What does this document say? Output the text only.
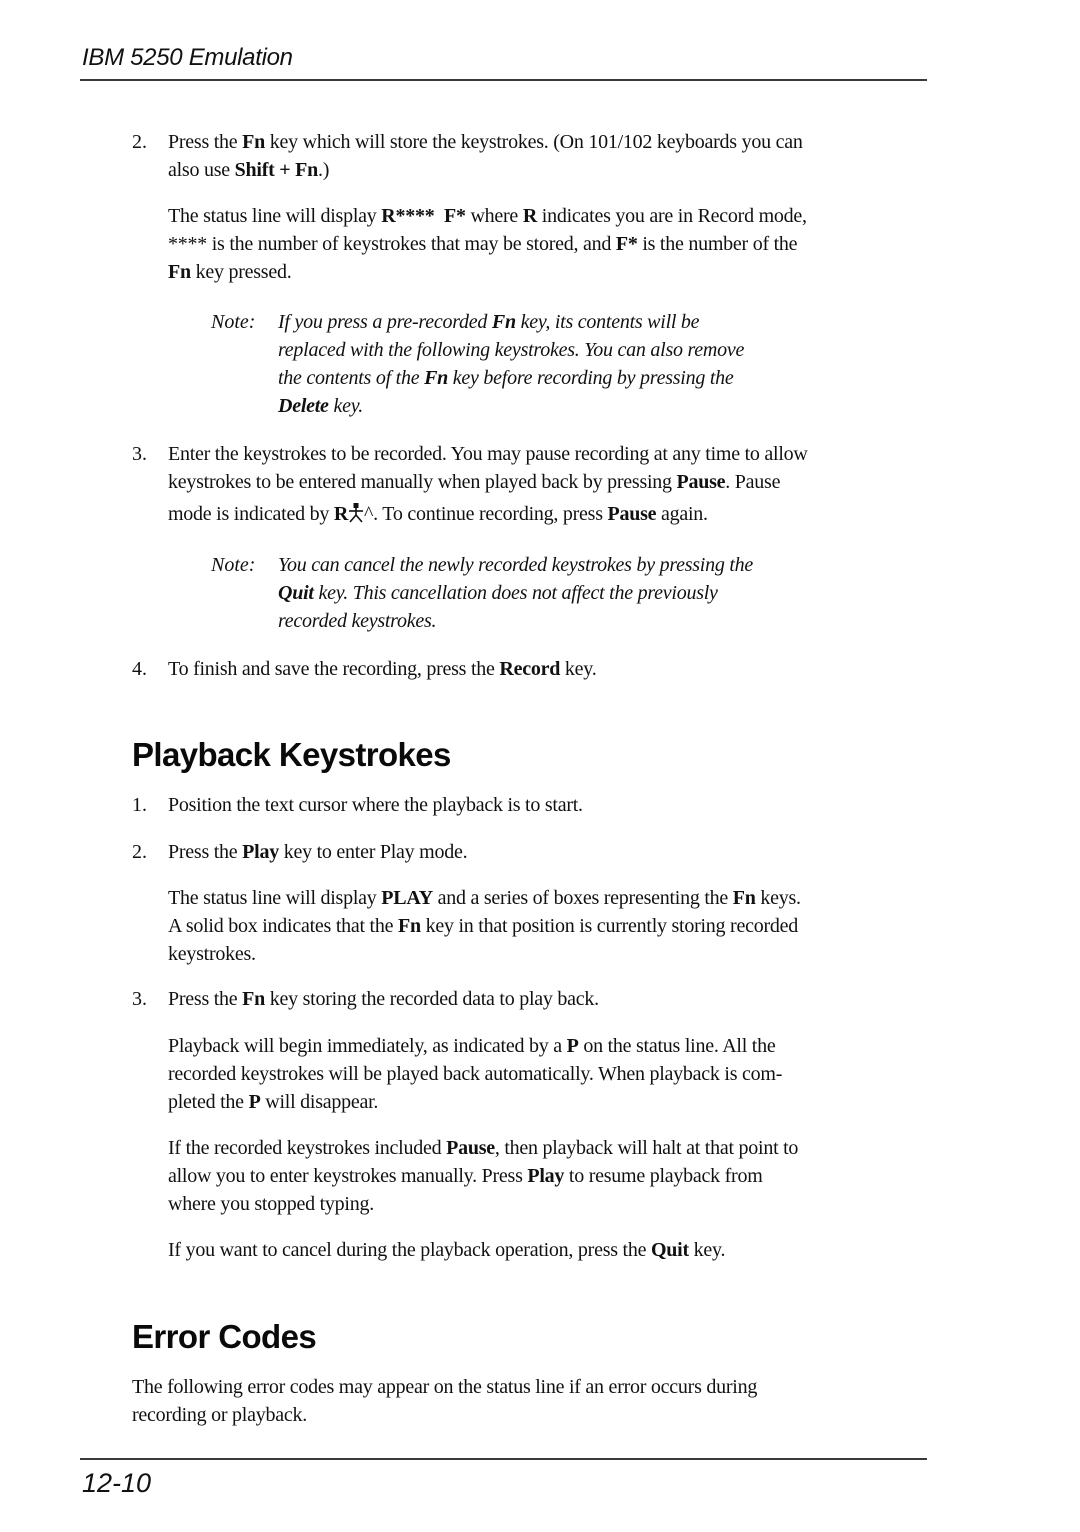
IBM 5250 Emulation
2. Press the Fn key which will store the keystrokes. (On 101/102 keyboards you can
also use Shift + Fn.)
The status line will display R****  F* where R indicates you are in Record mode,
**** is the number of keystrokes that may be stored, and F* is the number of the
Fn key pressed.
Note: If you press a pre-recorded Fn key, its contents will be
replaced with the following keystrokes. You can also remove
the contents of the Fn key before recording by pressing the
Delete key.
3. Enter the keystrokes to be recorded. You may pause recording at any time to allow
keystrokes to be entered manually when played back by pressing Pause. Pause
mode is indicated by R ^. To continue recording, press Pause again.
Note: You can cancel the newly recorded keystrokes by pressing the
Quit key. This cancellation does not affect the previously
recorded keystrokes.
4. To finish and save the recording, press the Record key.
Playback Keystrokes
1. Position the text cursor where the playback is to start.
2. Press the Play key to enter Play mode.
The status line will display PLAY and a series of boxes representing the Fn keys.
A solid box indicates that the Fn key in that position is currently storing recorded
keystrokes.
3. Press the Fn key storing the recorded data to play back.
Playback will begin immediately, as indicated by a P on the status line. All the
recorded keystrokes will be played back automatically. When playback is com-
pleted the P will disappear.
If the recorded keystrokes included Pause, then playback will halt at that point to
allow you to enter keystrokes manually. Press Play to resume playback from
where you stopped typing.
If you want to cancel during the playback operation, press the Quit key.
Error Codes
The following error codes may appear on the status line if an error occurs during
recording or playback.
12-10
